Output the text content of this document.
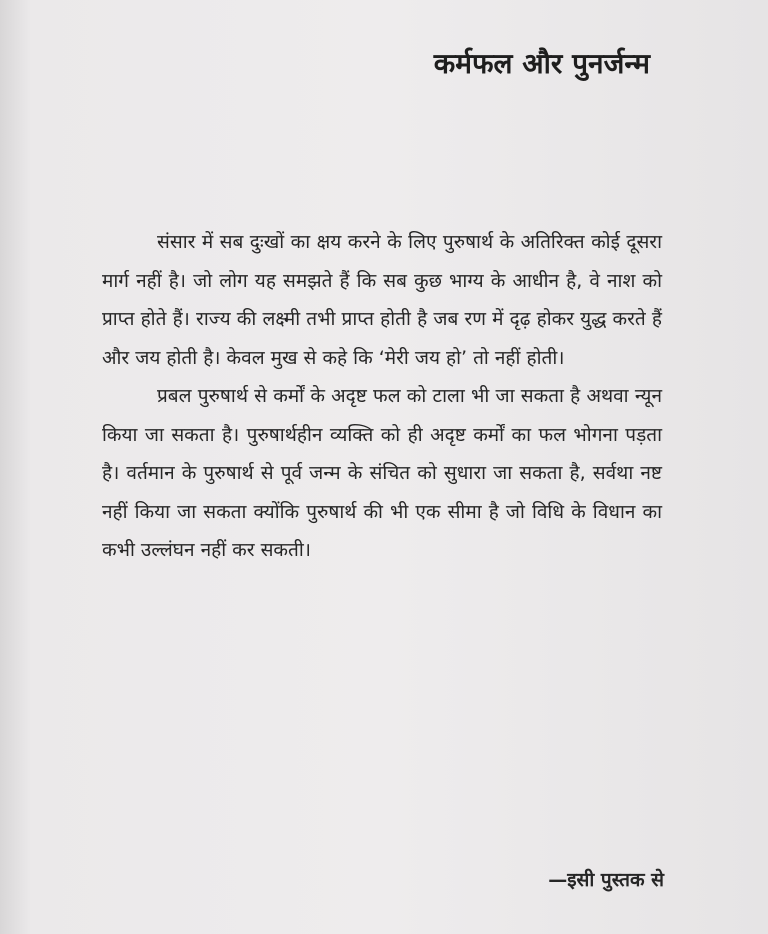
कर्मफल और पुनर्जन्म

संसार में सब दुःखों का क्षय करने के लिए पुरुषार्थ के अतिरिक्त कोई दूसरा मार्ग नहीं है। जो लोग यह समझते हैं कि सब कुछ भाग्य के आधीन है, वे नाश को प्राप्त होते हैं। राज्य की लक्ष्मी तभी प्राप्त होती है जब रण में दृढ़ होकर युद्ध करते हैं और जय होती है। केवल मुख से कहे कि ‘मेरी जय हो’ तो नहीं होती।

प्रबल पुरुषार्थ से कर्मों के अदृष्ट फल को टाला भी जा सकता है अथवा न्यून किया जा सकता है। पुरुषार्थहीन व्यक्ति को ही अदृष्ट कर्मों का फल भोगना पड़ता है। वर्तमान के पुरुषार्थ से पूर्व जन्म के संचित को सुधारा जा सकता है, सर्वथा नष्ट नहीं किया जा सकता क्योंकि पुरुषार्थ की भी एक सीमा है जो विधि के विधान का कभी उल्लंघन नहीं कर सकती।

—इसी पुस्तक से
